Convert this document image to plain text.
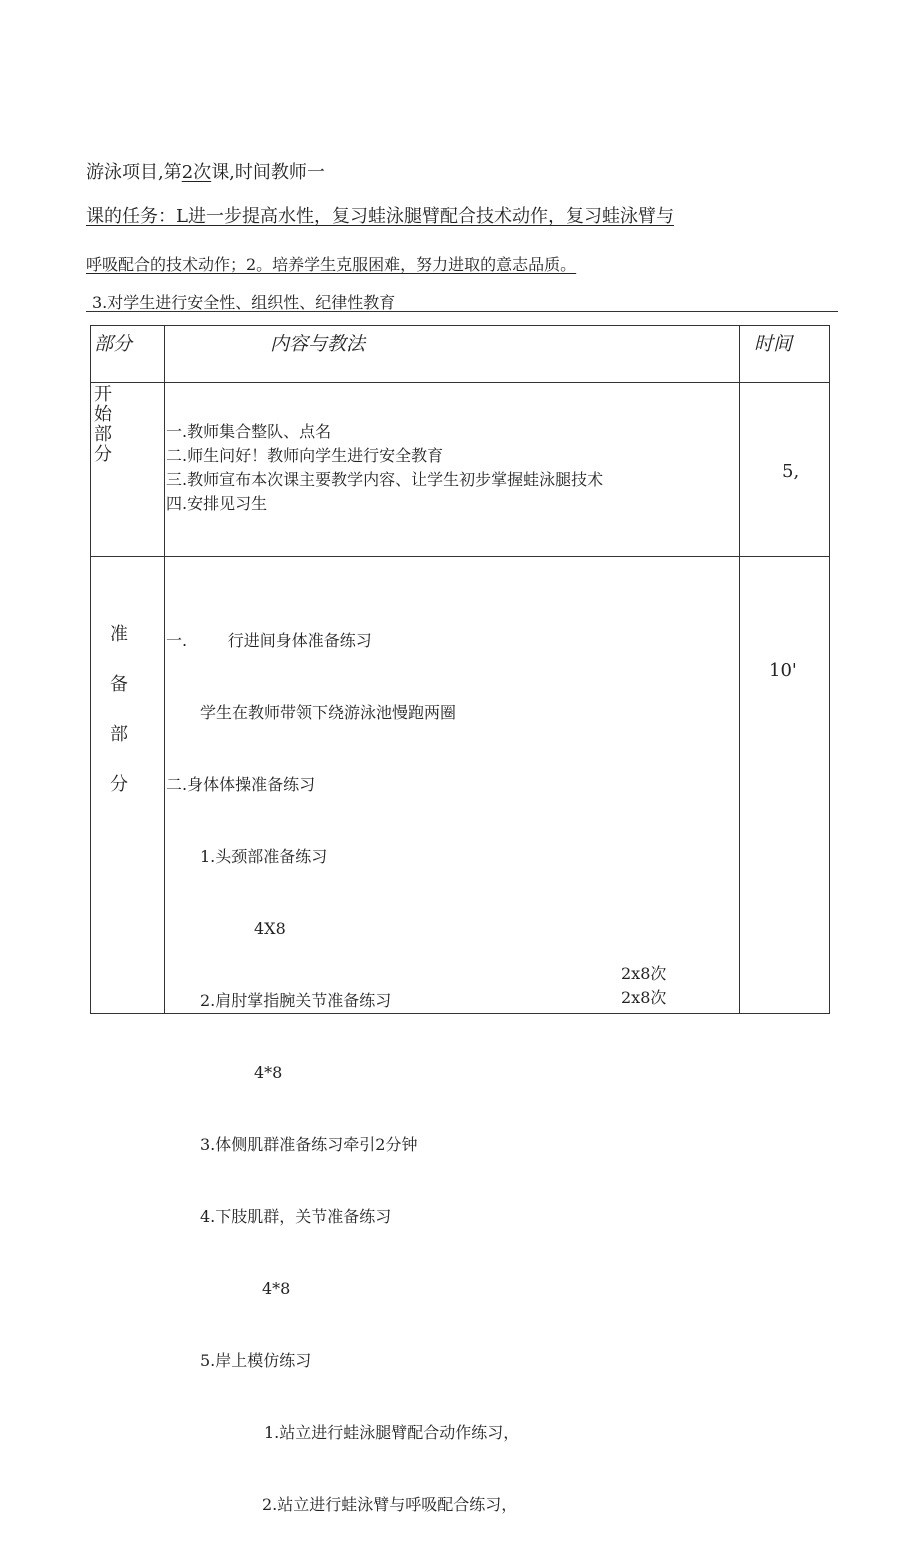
游泳项目,第2次课,时间教师一
课的任务：L进一步提高水性，复习蛙泳腿臂配合技术动作，复习蛙泳臂与
呼吸配合的技术动作；2。培养学生克服困难，努力进取的意志品质。
3.对学生进行安全性、组织性、纪律性教育
部分	内容与教法	时间
开
始
部
分
一.教师集合整队、点名
二.师生问好！教师向学生进行安全教育
三.教师宣布本次课主要教学内容、让学生初步掌握蛙泳腿技术
四.安排见习生
5,
准
备
部
分

一.        行进间身体准备练习

学生在教师带领下绕游泳池慢跑两圈

二.身体体操准备练习

1.头颈部准备练习

4X8

2.肩肘掌指腕关节准备练习

4*8

3.体侧肌群准备练习牵引2分钟

4.下肢肌群，关节准备练习

4*8

5.岸上模仿练习

1.站立进行蛙泳腿臂配合动作练习，

2.站立进行蛙泳臂与呼吸配合练习，

2x8次
2x8次
10'
